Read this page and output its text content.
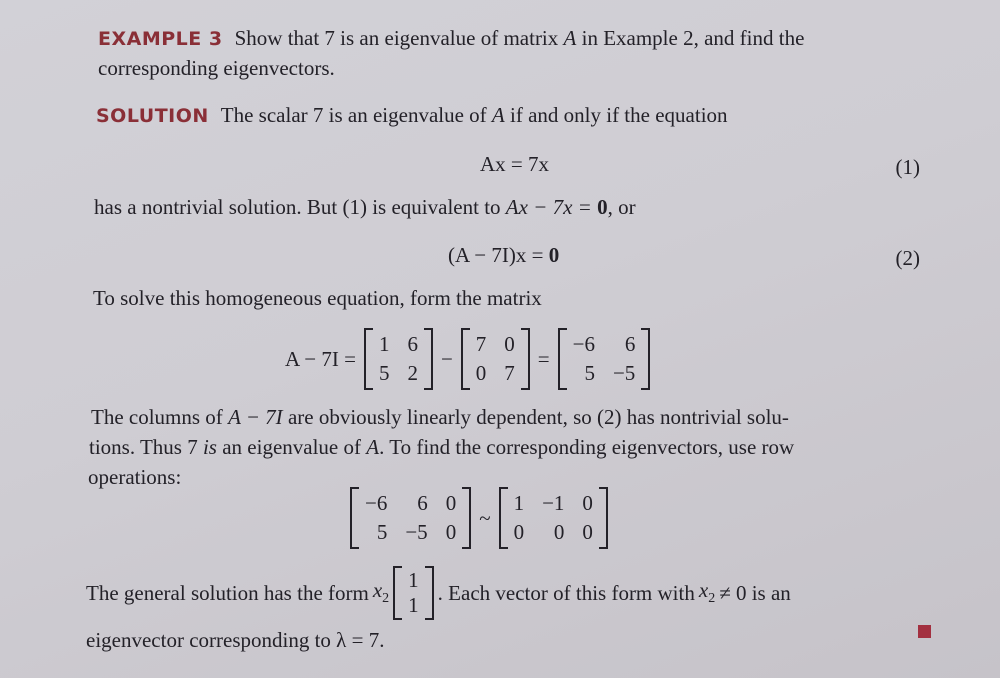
EXAMPLE 3 Show that 7 is an eigenvalue of matrix A in Example 2, and find the
corresponding eigenvectors.
SOLUTION The scalar 7 is an eigenvalue of A if and only if the equation
Ax = 7x	(1)
has a nontrivial solution. But (1) is equivalent to Ax − 7x = 0, or
(A − 7I)x = 0	(2)
To solve this homogeneous equation, form the matrix
A − 7I =
1 6
5 2
−
7 0
0 7
=
−6	6
5 −5
The columns of A − 7I are obviously linearly dependent, so (2) has nontrivial solu-
tions. Thus 7 is an eigenvalue of A. To find the corresponding eigenvectors, use row
operations:
−6	6 0
5 −5 0
~
1 −1 0
0	0 0
The general solution has the form $x_2$
1
1
. Each vector of this form with $x_2 \ne 0$ is an
eigenvector corresponding to λ = 7.
